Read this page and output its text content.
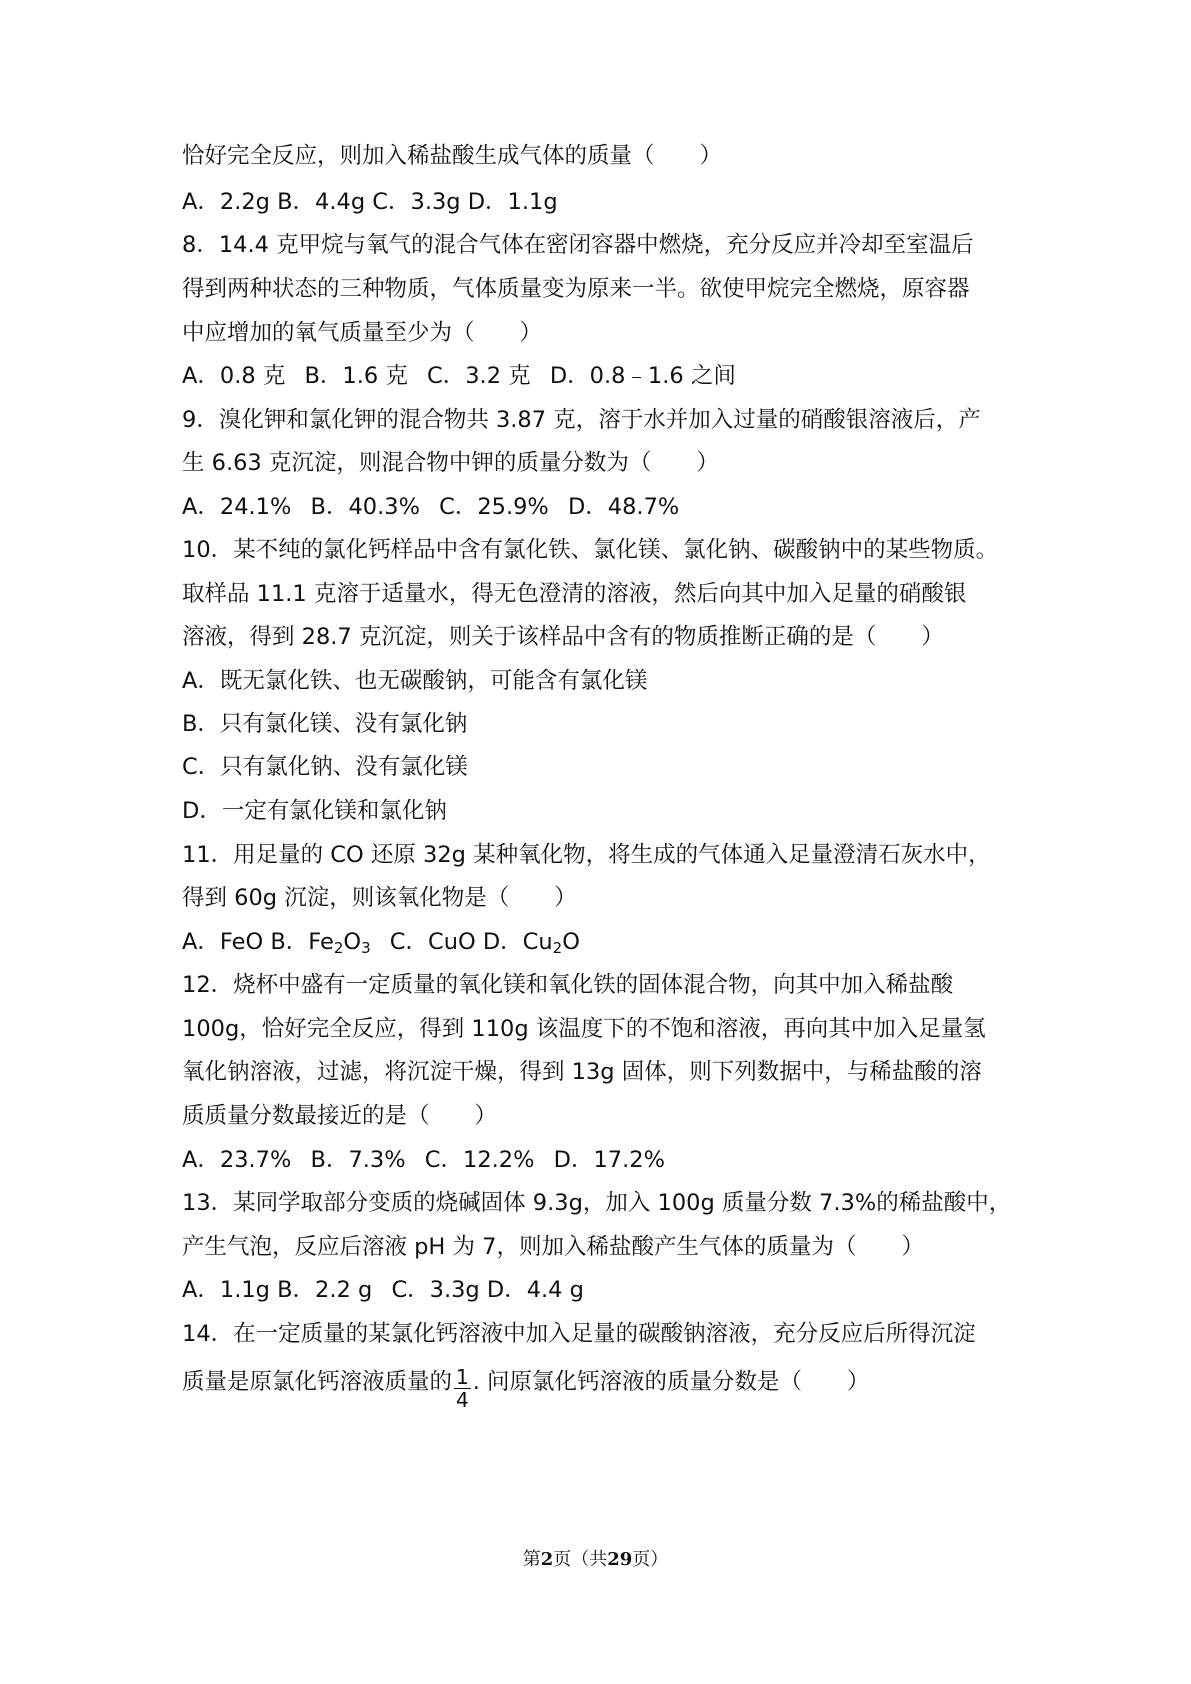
恰好完全反应，则加入稀盐酸生成气体的质量（　　）
A．2.2g B．4.4g C．3.3g D．1.1g
8．14.4 克甲烷与氧气的混合气体在密闭容器中燃烧，充分反应并冷却至室温后
得到两种状态的三种物质，气体质量变为原来一半。欲使甲烷完全燃烧，原容器
中应增加的氧气质量至少为（　　）
A．0.8 克 B．1.6 克 C．3.2 克 D．0.8﹣1.6 之间
9．溴化钾和氯化钾的混合物共 3.87 克，溶于水并加入过量的硝酸银溶液后，产
生 6.63 克沉淀，则混合物中钾的质量分数为（　　）
A．24.1% B．40.3% C．25.9% D．48.7%
10．某不纯的氯化钙样品中含有氯化铁、氯化镁、氯化钠、碳酸钠中的某些物质。
取样品 11.1 克溶于适量水，得无色澄清的溶液，然后向其中加入足量的硝酸银
溶液，得到 28.7 克沉淀，则关于该样品中含有的物质推断正确的是（　　）
A．既无氯化铁、也无碳酸钠，可能含有氯化镁
B．只有氯化镁、没有氯化钠
C．只有氯化钠、没有氯化镁
D．一定有氯化镁和氯化钠
11．用足量的 CO 还原 32g 某种氧化物，将生成的气体通入足量澄清石灰水中，
得到 60g 沉淀，则该氧化物是（　　）
A．FeO B．$Fe_2O_3$ C．CuO D．$Cu_2O$
12．烧杯中盛有一定质量的氧化镁和氧化铁的固体混合物，向其中加入稀盐酸
100g，恰好完全反应，得到 110g 该温度下的不饱和溶液，再向其中加入足量氢
氧化钠溶液，过滤，将沉淀干燥，得到 13g 固体，则下列数据中，与稀盐酸的溶
质质量分数最接近的是（　　）
A．23.7% B．7.3% C．12.2% D．17.2%
13．某同学取部分变质的烧碱固体 9.3g，加入 100g 质量分数 7.3%的稀盐酸中，
产生气泡，反应后溶液 pH 为 7，则加入稀盐酸产生气体的质量为（　　）
A．1.1g B．2.2 g C．3.3g D．4.4 g
14．在一定质量的某氯化钙溶液中加入足量的碳酸钠溶液，充分反应后所得沉淀
质量是原氯化钙溶液质量的 $\frac{1}{4}$ . 问原氯化钙溶液的质量分数是（　　）
第2页（共29页）
